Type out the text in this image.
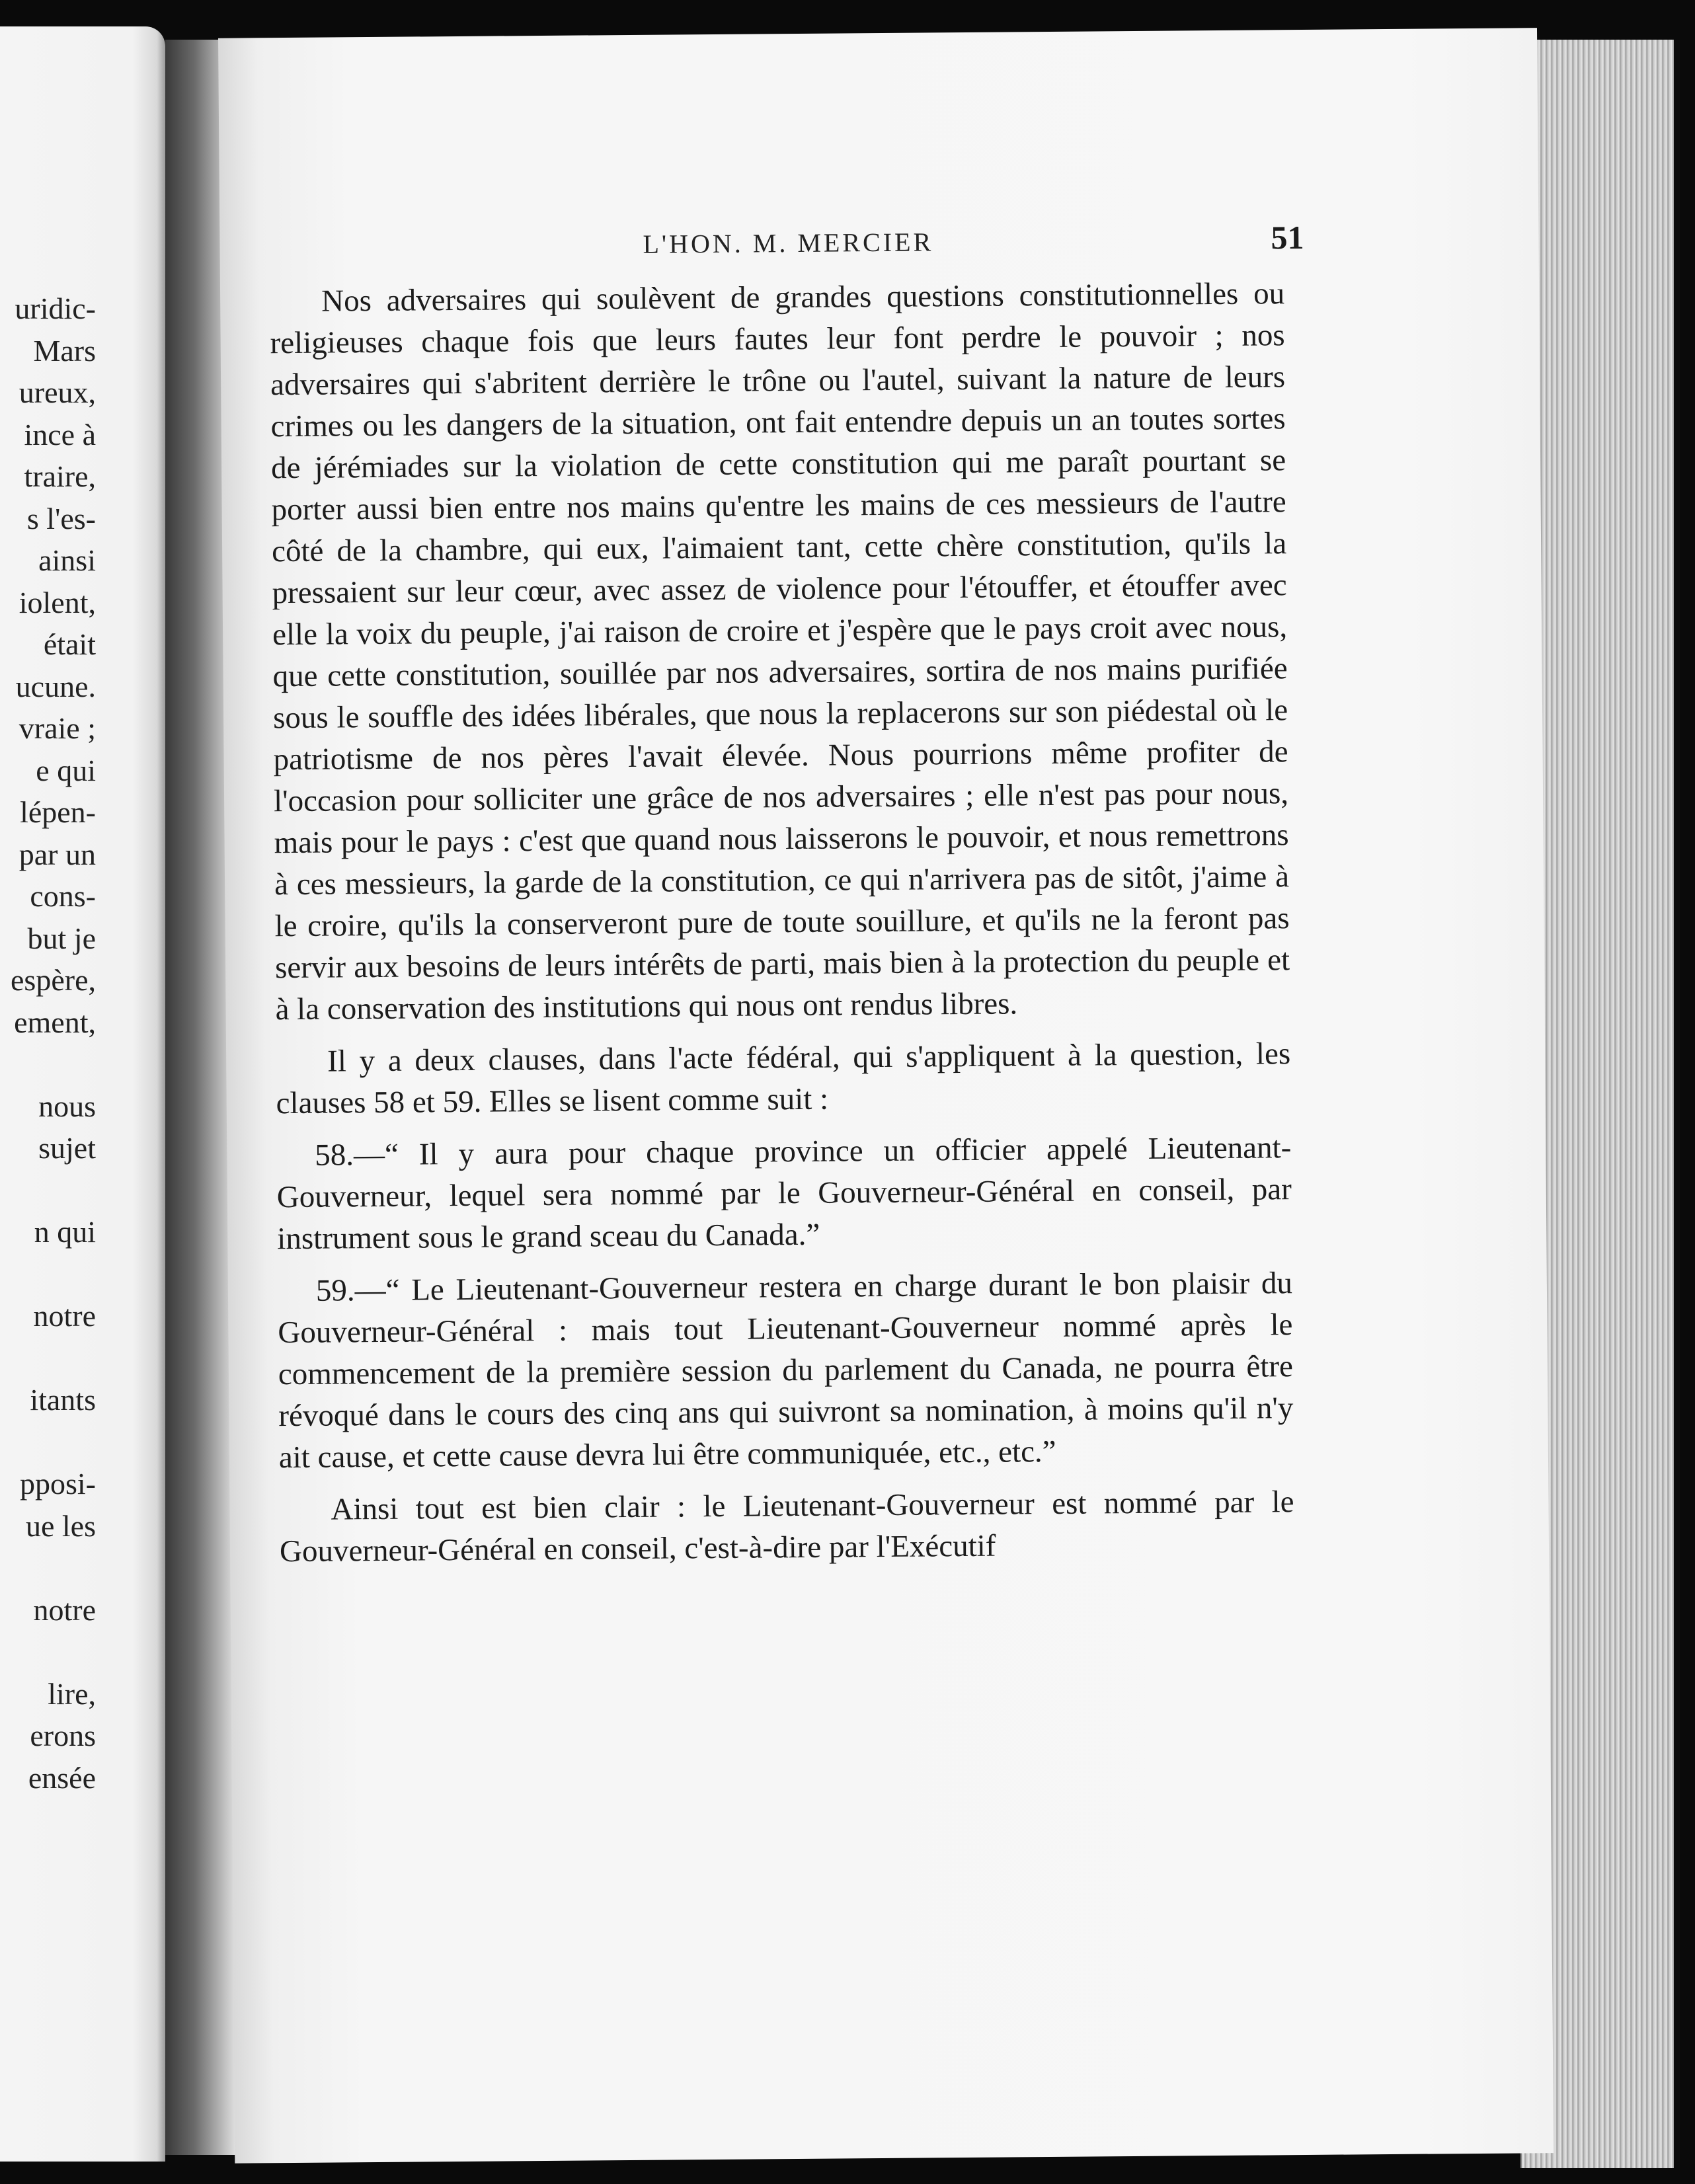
uridic-
Mars
ureux,
ince à
traire,
s l'es-
ainsi
iolent,
était
ucune.
vraie ;
e qui
lépen-
par un
cons-
but je
espère,
ement,

nous
sujet

n qui

notre

itants

pposi-
ue les

notre

lire,
erons
ensée
L'HON. M. MERCIER	51

Nos adversaires qui soulèvent de grandes questions constitutionnelles ou religieuses chaque fois que leurs fautes leur font perdre le pouvoir ; nos adversaires qui s'abritent derrière le trône ou l'autel, suivant la nature de leurs crimes ou les dangers de la situation, ont fait entendre depuis un an toutes sortes de jérémiades sur la violation de cette constitution qui me paraît pourtant se porter aussi bien entre nos mains qu'entre les mains de ces messieurs de l'autre côté de la chambre, qui eux, l'aimaient tant, cette chère constitution, qu'ils la pressaient sur leur cœur, avec assez de violence pour l'étouffer, et étouffer avec elle la voix du peuple, j'ai raison de croire et j'espère que le pays croit avec nous, que cette constitution, souillée par nos adversaires, sortira de nos mains purifiée sous le souffle des idées libérales, que nous la replacerons sur son piédestal où le patriotisme de nos pères l'avait élevée. Nous pourrions même profiter de l'occasion pour solliciter une grâce de nos adversaires ; elle n'est pas pour nous, mais pour le pays : c'est que quand nous laisserons le pouvoir, et nous remettrons à ces messieurs, la garde de la constitution, ce qui n'arrivera pas de sitôt, j'aime à le croire, qu'ils la conserveront pure de toute souillure, et qu'ils ne la feront pas servir aux besoins de leurs intérêts de parti, mais bien à la protection du peuple et à la conservation des institutions qui nous ont rendus libres.

Il y a deux clauses, dans l'acte fédéral, qui s'appliquent à la question, les clauses 58 et 59. Elles se lisent comme suit :

58.—“ Il y aura pour chaque province un officier appelé Lieutenant-Gouverneur, lequel sera nommé par le Gouverneur-Général en conseil, par instrument sous le grand sceau du Canada.”

59.—“ Le Lieutenant-Gouverneur restera en charge durant le bon plaisir du Gouverneur-Général : mais tout Lieutenant-Gouverneur nommé après le commencement de la première session du parlement du Canada, ne pourra être révoqué dans le cours des cinq ans qui suivront sa nomination, à moins qu'il n'y ait cause, et cette cause devra lui être communiquée, etc., etc.”

Ainsi tout est bien clair : le Lieutenant-Gouverneur est nommé par le Gouverneur-Général en conseil, c'est-à-dire par l'Exécutif
